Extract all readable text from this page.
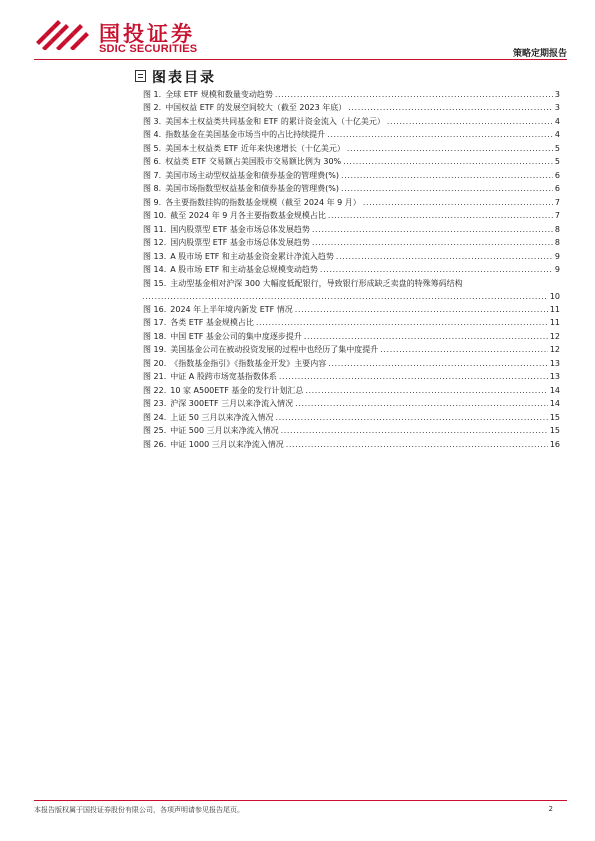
国投证券
SDIC SECURITIES	策略定期报告
图表目录
图 1. 全球 ETF 规模和数量变动趋势 .....	3
图 2. 中国权益 ETF 的发展空间较大（截至 2023 年底） .....	3
图 3. 美国本土权益类共同基金和 ETF 的累计资金流入（十亿美元） .....	4
图 4. 指数基金在美国基金市场当中的占比持续提升 .....	4
图 5. 美国本土权益类 ETF 近年来快速增长（十亿美元） .....	5
图 6. 权益类 ETF 交易额占美国股市交易额比例为 30% .....	5
图 7. 美国市场主动型权益基金和债券基金的管理费(%) .....	6
图 8. 美国市场指数型权益基金和债券基金的管理费(%) .....	6
图 9. 各主要指数挂钩的指数基金规模（截至 2024 年 9 月） .....	7
图 10. 截至 2024 年 9 月各主要指数基金规模占比 .....	7
图 11. 国内股票型 ETF 基金市场总体发展趋势 .....	8
图 12. 国内股票型 ETF 基金市场总体发展趋势 .....	8
图 13. A 股市场 ETF 和主动基金资金累计净流入趋势 .....	9
图 14. A 股市场 ETF 和主动基金总规模变动趋势 .....	9
图 15. 主动型基金相对沪深 300 大幅度低配银行，导致银行形成缺乏卖盘的特殊筹码结构
.....
10
图 16. 2024 年上半年境内新发 ETF 情况 .....	11
图 17. 各类 ETF 基金规模占比 .....	11
图 18. 中国 ETF 基金公司的集中度逐步提升 .....	12
图 19. 美国基金公司在被动投资发展的过程中也经历了集中度提升 .....	12
图 20. 《指数基金指引》《指数基金开发》主要内容 .....	13
图 21. 中证 A 股跨市场宽基指数体系 .....	13
图 22. 10 家 A500ETF 基金的发行计划汇总 .....	14
图 23. 沪深 300ETF 三月以来净流入情况 .....	14
图 24. 上证 50 三月以来净流入情况 .....	15
图 25. 中证 500 三月以来净流入情况 .....	15
图 26. 中证 1000 三月以来净流入情况 .....	16
本报告版权属于国投证券股份有限公司，各项声明请参见报告尾页。	2
